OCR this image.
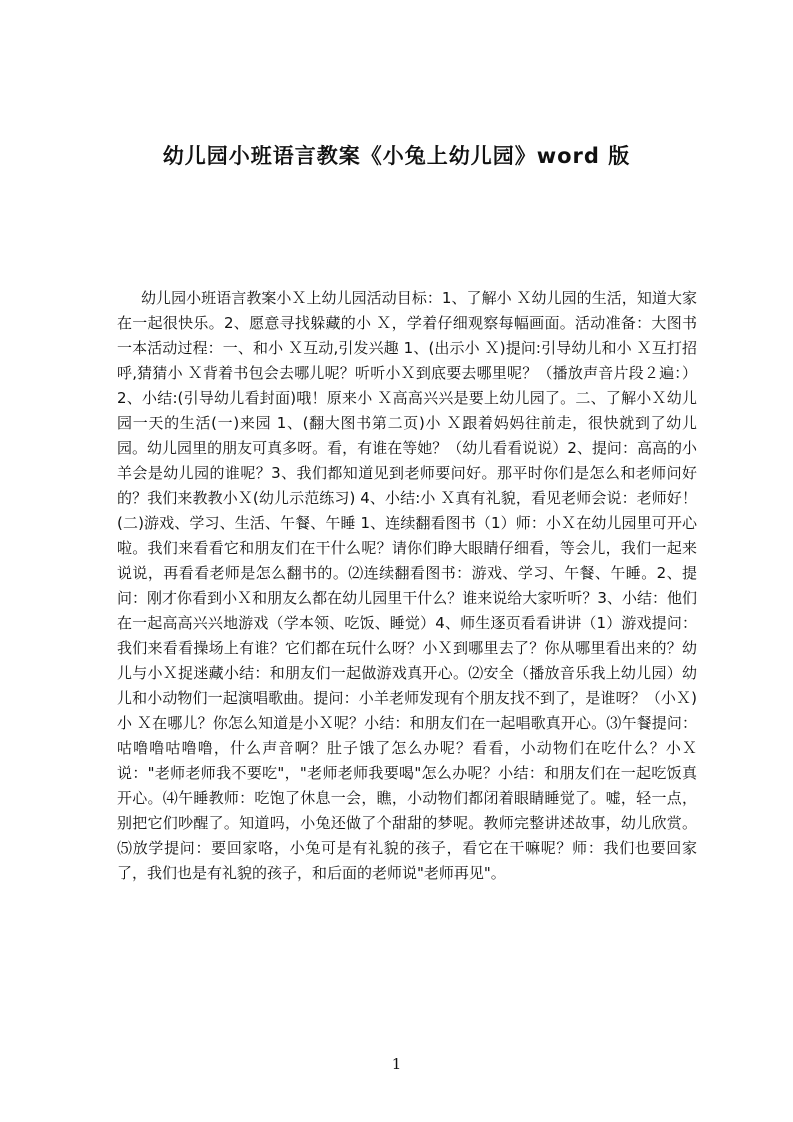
幼儿园小班语言教案《小兔上幼儿园》word 版
幼儿园小班语言教案小Ｘ上幼儿园活动目标：1、了解小 Ｘ幼儿园的生活，知道大家在一起很快乐。2、愿意寻找躲藏的小 Ｘ，学着仔细观察每幅画面。活动准备：大图书一本活动过程：一、和小 Ｘ互动,引发兴趣 1、(出示小 Ｘ)提问:引导幼儿和小 Ｘ互打招呼,猜猜小 Ｘ背着书包会去哪儿呢？听听小Ｘ到底要去哪里呢？（播放声音片段２遍：）2、小结:(引导幼儿看封面)哦！原来小 Ｘ高高兴兴是要上幼儿园了。二、了解小Ｘ幼儿园一天的生活(一)来园 1、(翻大图书第二页)小 Ｘ跟着妈妈往前走，很快就到了幼儿园。幼儿园里的朋友可真多呀。看，有谁在等她？（幼儿看看说说）2、提问：高高的小羊会是幼儿园的谁呢？3、我们都知道见到老师要问好。那平时你们是怎么和老师问好的？我们来教教小Ｘ(幼儿示范练习) 4、小结:小 Ｘ真有礼貌，看见老师会说：老师好！(二)游戏、学习、生活、午餐、午睡 1、连续翻看图书（1）师：小Ｘ在幼儿园里可开心啦。我们来看看它和朋友们在干什么呢？请你们睁大眼睛仔细看，等会儿，我们一起来说说，再看看老师是怎么翻书的。⑵连续翻看图书：游戏、学习、午餐、午睡。2、提问：刚才你看到小Ｘ和朋友么都在幼儿园里干什么？谁来说给大家听听？3、小结：他们在一起高高兴兴地游戏（学本领、吃饭、睡觉）4、师生逐页看看讲讲（1）游戏提问：我们来看看操场上有谁？它们都在玩什么呀？小Ｘ到哪里去了？你从哪里看出来的？幼儿与小Ｘ捉迷藏小结：和朋友们一起做游戏真开心。⑵安全（播放音乐我上幼儿园）幼儿和小动物们一起演唱歌曲。提问：小羊老师发现有个朋友找不到了，是谁呀？（小Ｘ)小 Ｘ在哪儿？你怎么知道是小Ｘ呢？小结：和朋友们在一起唱歌真开心。⑶午餐提问：咕噜噜咕噜噜，什么声音啊？肚子饿了怎么办呢？看看，小动物们在吃什么？小Ｘ说："老师老师我不要吃"，"老师老师我要喝"怎么办呢？小结：和朋友们在一起吃饭真开心。⑷午睡教师：吃饱了休息一会，瞧，小动物们都闭着眼睛睡觉了。嘘，轻一点，别把它们吵醒了。知道吗，小兔还做了个甜甜的梦呢。教师完整讲述故事，幼儿欣赏。⑸放学提问：要回家咯，小兔可是有礼貌的孩子，看它在干嘛呢？师：我们也要回家了，我们也是有礼貌的孩子，和后面的老师说"老师再见"。
1
